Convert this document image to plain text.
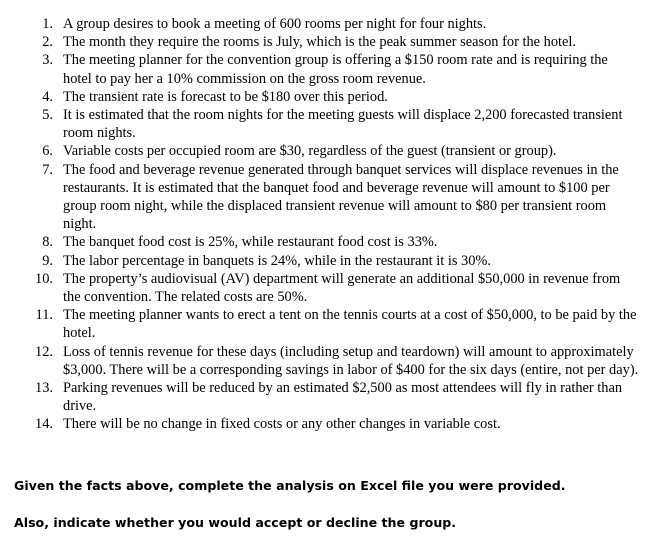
1. A group desires to book a meeting of 600 rooms per night for four nights.
2. The month they require the rooms is July, which is the peak summer season for the hotel.
3. The meeting planner for the convention group is offering a $150 room rate and is requiring the hotel to pay her a 10% commission on the gross room revenue.
4. The transient rate is forecast to be $180 over this period.
5. It is estimated that the room nights for the meeting guests will displace 2,200 forecasted transient room nights.
6. Variable costs per occupied room are $30, regardless of the guest (transient or group).
7. The food and beverage revenue generated through banquet services will displace revenues in the restaurants. It is estimated that the banquet food and beverage revenue will amount to $100 per group room night, while the displaced transient revenue will amount to $80 per transient room night.
8. The banquet food cost is 25%, while restaurant food cost is 33%.
9. The labor percentage in banquets is 24%, while in the restaurant it is 30%.
10. The property’s audiovisual (AV) department will generate an additional $50,000 in revenue from the convention. The related costs are 50%.
11. The meeting planner wants to erect a tent on the tennis courts at a cost of $50,000, to be paid by the hotel.
12. Loss of tennis revenue for these days (including setup and teardown) will amount to approximately $3,000. There will be a corresponding savings in labor of $400 for the six days (entire, not per day).
13. Parking revenues will be reduced by an estimated $2,500 as most attendees will fly in rather than drive.
14. There will be no change in fixed costs or any other changes in variable cost.

Given the facts above, complete the analysis on Excel file you were provided.

Also, indicate whether you would accept or decline the group.
